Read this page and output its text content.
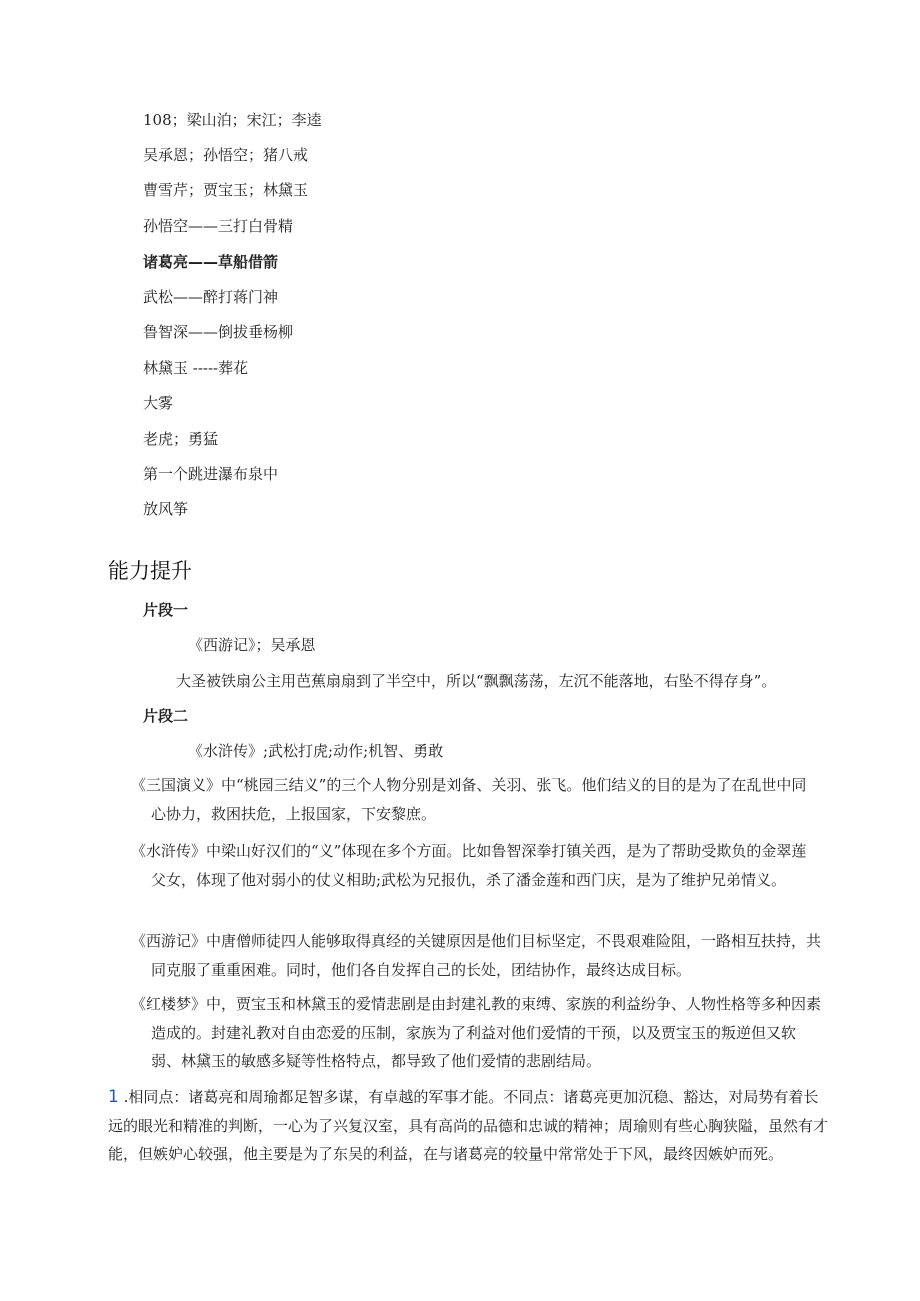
108；梁山泊；宋江；李逵
吴承恩；孙悟空；猪八戒
曹雪芹；贾宝玉；林黛玉
孙悟空——三打白骨精
诸葛亮——草船借箭
武松——醉打蒋门神
鲁智深——倒拔垂杨柳
林黛玉 -----葬花
大雾
老虎；勇猛
第一个跳进瀑布泉中
放风筝
能力提升
片段一
《西游记》；吴承恩
大圣被铁扇公主用芭蕉扇扇到了半空中，所以“飘飘荡荡，左沉不能落地，右坠不得存身”。
片段二
《水浒传》;武松打虎;动作;机智、勇敢
《三国演义》中“桃园三结义”的三个人物分别是刘备、关羽、张飞。他们结义的目的是为了在乱世中同心协力，救困扶危，上报国家，下安黎庶。
《水浒传》中梁山好汉们的“义”体现在多个方面。比如鲁智深拳打镇关西，是为了帮助受欺负的金翠莲父女，体现了他对弱小的仗义相助;武松为兄报仇，杀了潘金莲和西门庆，是为了维护兄弟情义。
《西游记》中唐僧师徒四人能够取得真经的关键原因是他们目标坚定，不畏艰难险阻，一路相互扶持，共同克服了重重困难。同时，他们各自发挥自己的长处，团结协作，最终达成目标。
《红楼梦》中，贾宝玉和林黛玉的爱情悲剧是由封建礼教的束缚、家族的利益纷争、人物性格等多种因素造成的。封建礼教对自由恋爱的压制，家族为了利益对他们爱情的干预，以及贾宝玉的叛逆但又软弱、林黛玉的敏感多疑等性格特点，都导致了他们爱情的悲剧结局。
1 .相同点：诸葛亮和周瑜都足智多谋，有卓越的军事才能。不同点：诸葛亮更加沉稳、豁达，对局势有着长远的眼光和精准的判断，一心为了兴复汉室，具有高尚的品德和忠诚的精神；周瑜则有些心胸狭隘，虽然有才能，但嫉妒心较强，他主要是为了东吴的利益，在与诸葛亮的较量中常常处于下风，最终因嫉妒而死。
